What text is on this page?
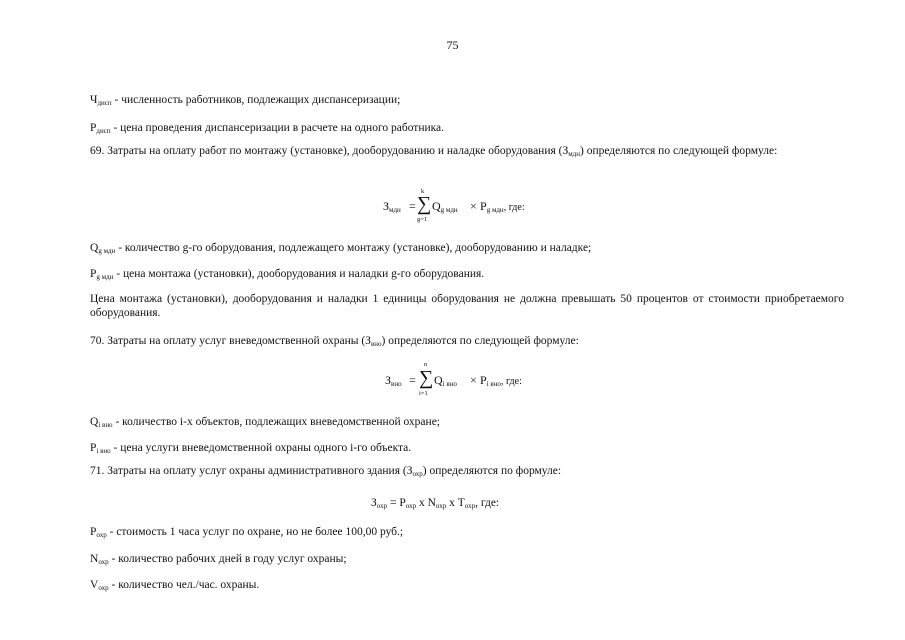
75
$Ч_{дисп}$ - численность работников, подлежащих диспансеризации;
$Р_{дисп}$ - цена проведения диспансеризации в расчете на одного работника.
69. Затраты на оплату работ по монтажу (установке), дооборудованию и наладке оборудования $(З_{мдн})$ определяются по следующей формуле:
Змдн =
k
∑
g=1
Qg мдн × Pg мдн, где:
$Q_{g мдн}$ - количество g-го оборудования, подлежащего монтажу (установке), дооборудованию и наладке;
$P_{g мдн}$ - цена монтажа (установки), дооборудования и наладки g-го оборудования.
Цена монтажа (установки), дооборудования и наладки 1 единицы оборудования не должна превышать 50 процентов от стоимости приобретаемого оборудования.
70. Затраты на оплату услуг вневедомственной охраны $(З_{вно})$ определяются по следующей формуле:
Звно =
n
∑
i=1
Qi вно × Pi вно, где:
$Q_{i вно}$ - количество i-х объектов, подлежащих вневедомственной охране;
$P_{i вно}$ - цена услуги вневедомственной охраны одного i-го объекта.
71. Затраты на оплату услуг охраны административного здания $(З_{охр})$ определяются по формуле:
$З_{охр} = Р_{охр}$ х $N_{охр}$ х $Т_{охр}$, где:
$Р_{охр}$ - стоимость 1 часа услуг по охране, но не более 100,00 руб.;
$N_{охр}$ - количество рабочих дней в году услуг охраны;
$V_{охр}$ - количество чел./час. охраны.
